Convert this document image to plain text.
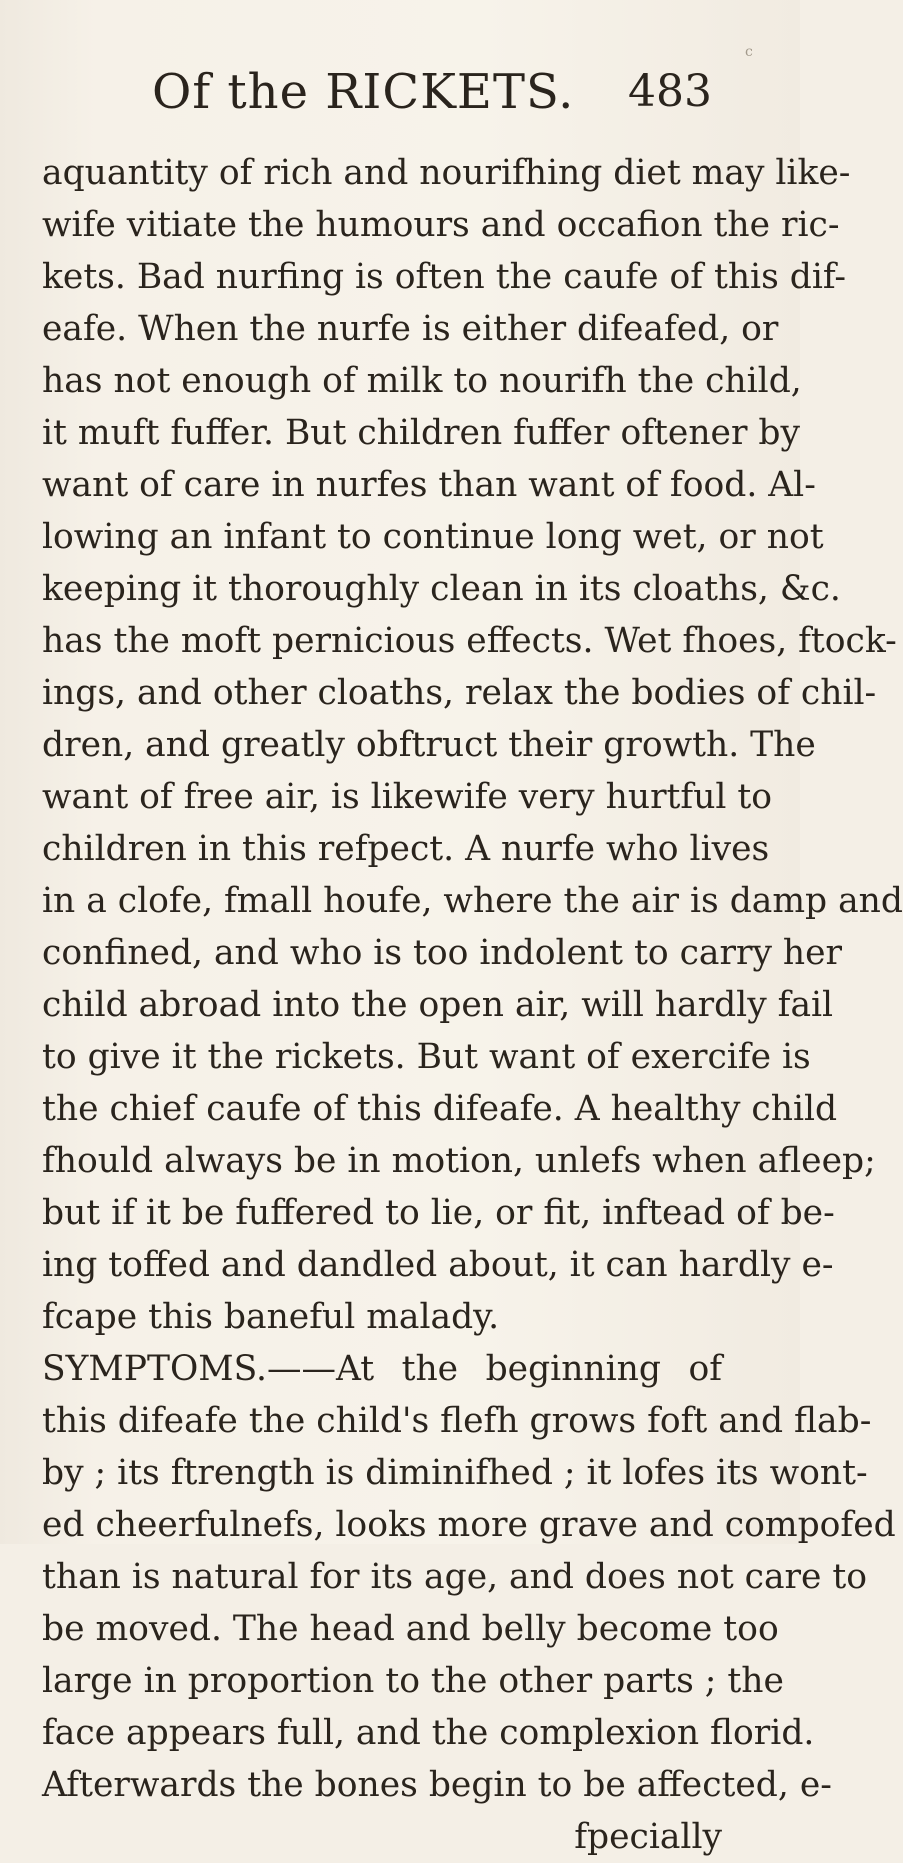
c
Of the RICKETS. 483
aquantity of rich and nourifhing diet may like-
wife vitiate the humours and occafion the ric-
kets. Bad nurfing is often the caufe of this dif-
eafe. When the nurfe is either difeafed, or
has not enough of milk to nourifh the child,
it muft fuffer. But children fuffer oftener by
want of care in nurfes than want of food. Al-
lowing an infant to continue long wet, or not
keeping it thoroughly clean in its cloaths, &c.
has the moft pernicious effects. Wet fhoes, ftock-
ings, and other cloaths, relax the bodies of chil-
dren, and greatly obftruct their growth. The
want of free air, is likewife very hurtful to
children in this refpect. A nurfe who lives
in a clofe, fmall houfe, where the air is damp and
confined, and who is too indolent to carry her
child abroad into the open air, will hardly fail
to give it the rickets. But want of exercife is
the chief caufe of this difeafe. A healthy child
fhould always be in motion, unlefs when afleep;
but if it be fuffered to lie, or fit, inftead of be-
ing toffed and dandled about, it can hardly e-
fcape this baneful malady.
SYMPTOMS.——At the beginning of
this difeafe the child's flefh grows foft and flab-
by ; its ftrength is diminifhed ; it lofes its wont-
ed cheerfulnefs, looks more grave and compofed
than is natural for its age, and does not care to
be moved. The head and belly become too
large in proportion to the other parts ; the
face appears full, and the complexion florid.
Afterwards the bones begin to be affected, e-
fpecially
